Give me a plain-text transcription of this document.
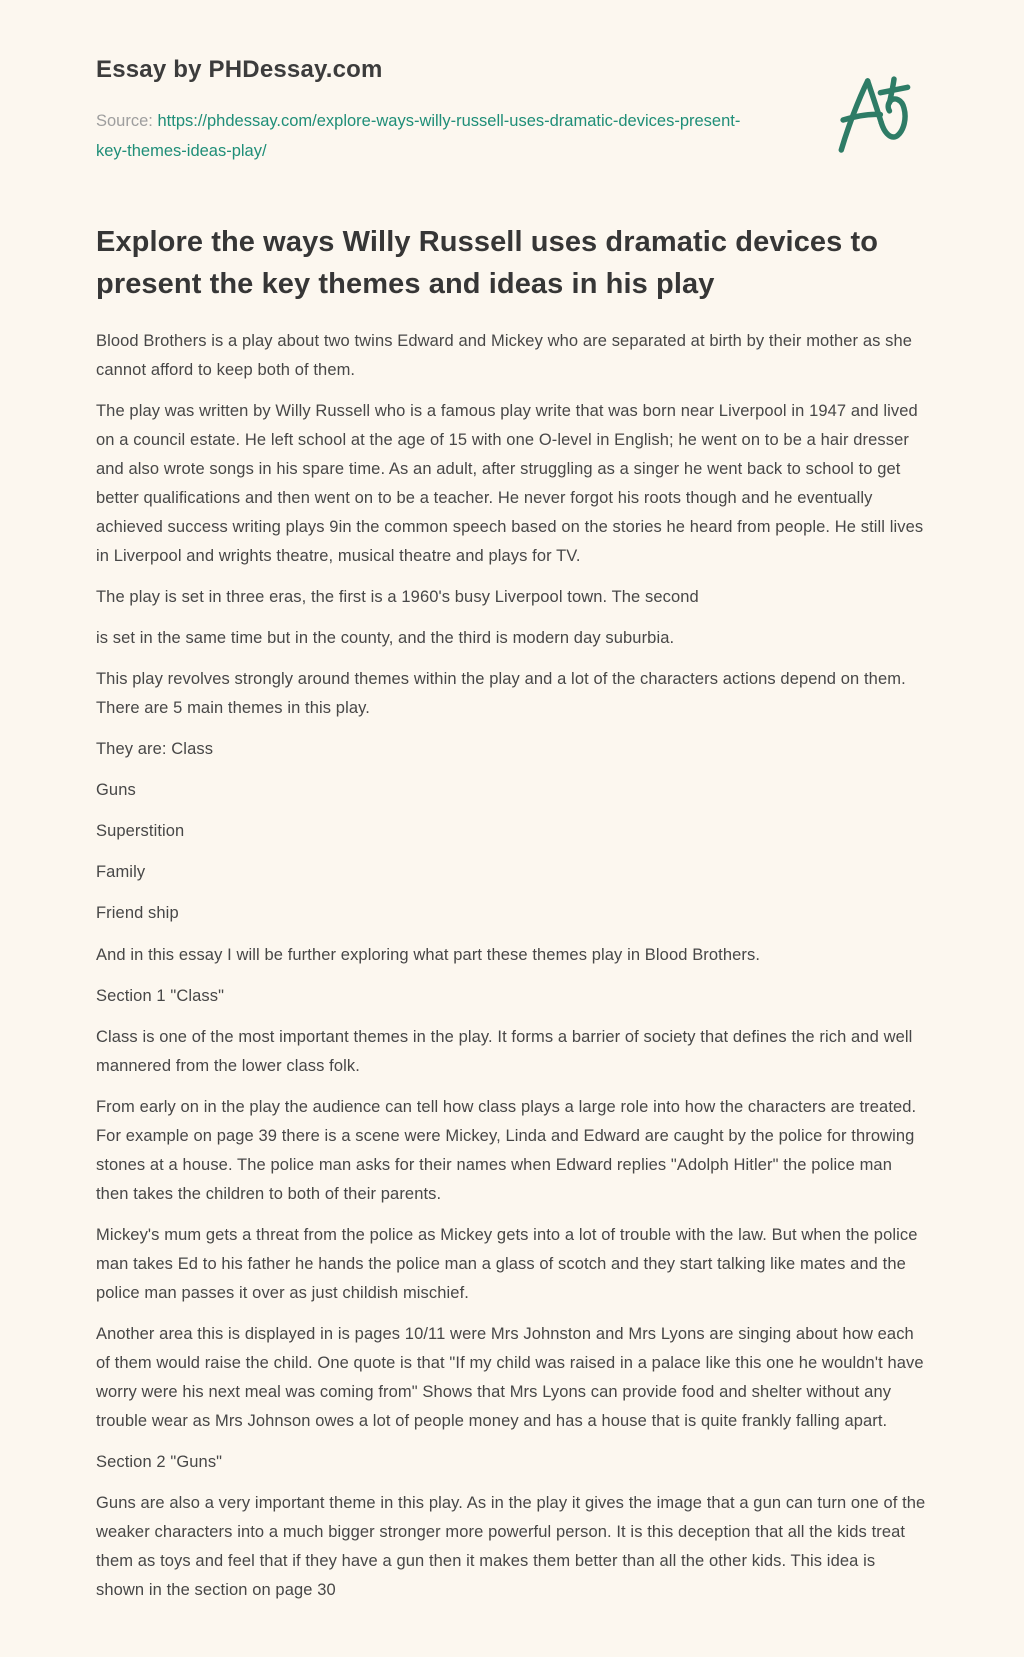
Essay by PHDessay.com

Source: https://phdessay.com/explore-ways-willy-russell-uses-dramatic-devices-present-key-themes-ideas-play/

Explore the ways Willy Russell uses dramatic devices to present the key themes and ideas in his play

Blood Brothers is a play about two twins Edward and Mickey who are separated at birth by their mother as she cannot afford to keep both of them.

The play was written by Willy Russell who is a famous play write that was born near Liverpool in 1947 and lived on a council estate. He left school at the age of 15 with one O-level in English; he went on to be a hair dresser and also wrote songs in his spare time. As an adult, after struggling as a singer he went back to school to get better qualifications and then went on to be a teacher. He never forgot his roots though and he eventually achieved success writing plays 9in the common speech based on the stories he heard from people. He still lives in Liverpool and wrights theatre, musical theatre and plays for TV.

The play is set in three eras, the first is a 1960's busy Liverpool town. The second

is set in the same time but in the county, and the third is modern day suburbia.

This play revolves strongly around themes within the play and a lot of the characters actions depend on them. There are 5 main themes in this play.

They are: Class

Guns

Superstition

Family

Friend ship

And in this essay I will be further exploring what part these themes play in Blood Brothers.

Section 1 "Class"

Class is one of the most important themes in the play. It forms a barrier of society that defines the rich and well mannered from the lower class folk.

From early on in the play the audience can tell how class plays a large role into how the characters are treated. For example on page 39 there is a scene were Mickey, Linda and Edward are caught by the police for throwing stones at a house. The police man asks for their names when Edward replies "Adolph Hitler" the police man then takes the children to both of their parents.

Mickey's mum gets a threat from the police as Mickey gets into a lot of trouble with the law. But when the police man takes Ed to his father he hands the police man a glass of scotch and they start talking like mates and the police man passes it over as just childish mischief.

Another area this is displayed in is pages 10/11 were Mrs Johnston and Mrs Lyons are singing about how each of them would raise the child. One quote is that "If my child was raised in a palace like this one he wouldn't have worry were his next meal was coming from" Shows that Mrs Lyons can provide food and shelter without any trouble wear as Mrs Johnson owes a lot of people money and has a house that is quite frankly falling apart.

Section 2 "Guns"

Guns are also a very important theme in this play. As in the play it gives the image that a gun can turn one of the weaker characters into a much bigger stronger more powerful person. It is this deception that all the kids treat them as toys and feel that if they have a gun then it makes them better than all the other kids. This idea is shown in the section on page 30
